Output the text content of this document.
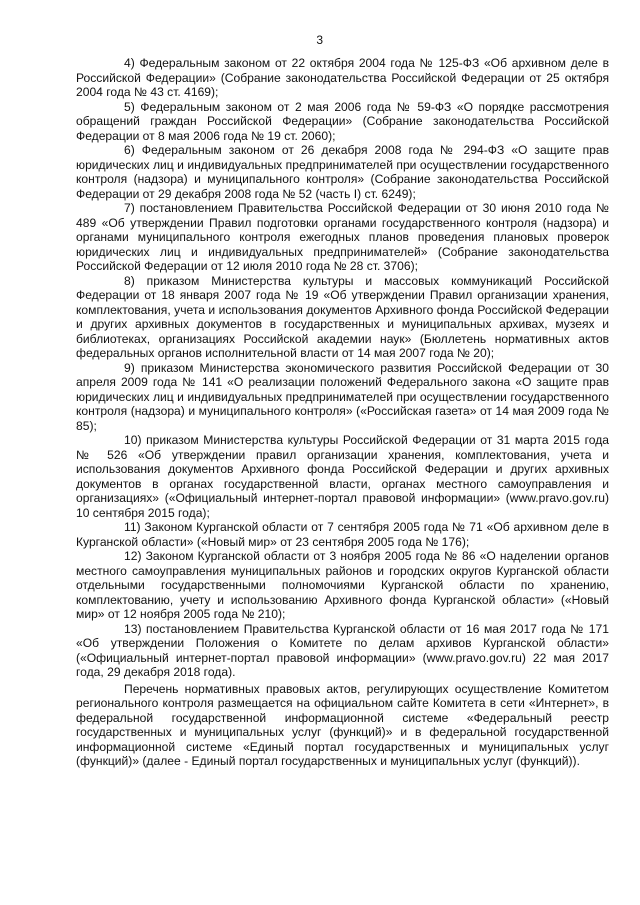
3

4) Федеральным законом от 22 октября 2004 года № 125-ФЗ «Об архивном деле в Российской Федерации» (Собрание законодательства Российской Федерации от 25 октября 2004 года № 43 ст. 4169);

5) Федеральным законом от 2 мая 2006 года № 59-ФЗ «О порядке рассмотрения обращений граждан Российской Федерации» (Собрание законодательства Российской Федерации от 8 мая 2006 года № 19 ст. 2060);

6) Федеральным законом от 26 декабря 2008 года № 294-ФЗ «О защите прав юридических лиц и индивидуальных предпринимателей при осуществлении государственного контроля (надзора) и муниципального контроля» (Собрание законодательства Российской Федерации от 29 декабря 2008 года № 52 (часть I) ст. 6249);

7) постановлением Правительства Российской Федерации от 30 июня 2010 года № 489 «Об утверждении Правил подготовки органами государственного контроля (надзора) и органами муниципального контроля ежегодных планов проведения плановых проверок юридических лиц и индивидуальных предпринимателей» (Собрание законодательства Российской Федерации от 12 июля 2010 года № 28 ст. 3706);

8) приказом Министерства культуры и массовых коммуникаций Российской Федерации от 18 января 2007 года № 19 «Об утверждении Правил организации хранения, комплектования, учета и использования документов Архивного фонда Российской Федерации и других архивных документов в государственных и муниципальных архивах, музеях и библиотеках, организациях Российской академии наук» (Бюллетень нормативных актов федеральных органов исполнительной власти от 14 мая 2007 года № 20);

9) приказом Министерства экономического развития Российской Федерации от 30 апреля 2009 года № 141 «О реализации положений Федерального закона «О защите прав юридических лиц и индивидуальных предпринимателей при осуществлении государственного контроля (надзора) и муниципального контроля» («Российская газета» от 14 мая 2009 года № 85);

10) приказом Министерства культуры Российской Федерации от 31 марта 2015 года № 526 «Об утверждении правил организации хранения, комплектования, учета и использования документов Архивного фонда Российской Федерации и других архивных документов в органах государственной власти, органах местного самоуправления и организациях» («Официальный интернет-портал правовой информации» (www.pravo.gov.ru) 10 сентября 2015 года);

11) Законом Курганской области от 7 сентября 2005 года № 71 «Об архивном деле в Курганской области» («Новый мир» от 23 сентября 2005 года № 176);

12) Законом Курганской области от 3 ноября 2005 года № 86 «О наделении органов местного самоуправления муниципальных районов и городских округов Курганской области отдельными государственными полномочиями Курганской области по хранению, комплектованию, учету и использованию Архивного фонда Курганской области» («Новый мир» от 12 ноября 2005 года № 210);

13) постановлением Правительства Курганской области от 16 мая 2017 года № 171 «Об утверждении Положения о Комитете по делам архивов Курганской области» («Официальный интернет-портал правовой информации» (www.pravo.gov.ru) 22 мая 2017 года, 29 декабря 2018 года).

Перечень нормативных правовых актов, регулирующих осуществление Комитетом регионального контроля размещается на официальном сайте Комитета в сети «Интернет», в федеральной государственной информационной системе «Федеральный реестр государственных и муниципальных услуг (функций)» и в федеральной государственной информационной системе «Единый портал государственных и муниципальных услуг (функций)» (далее - Единый портал государственных и муниципальных услуг (функций)).
